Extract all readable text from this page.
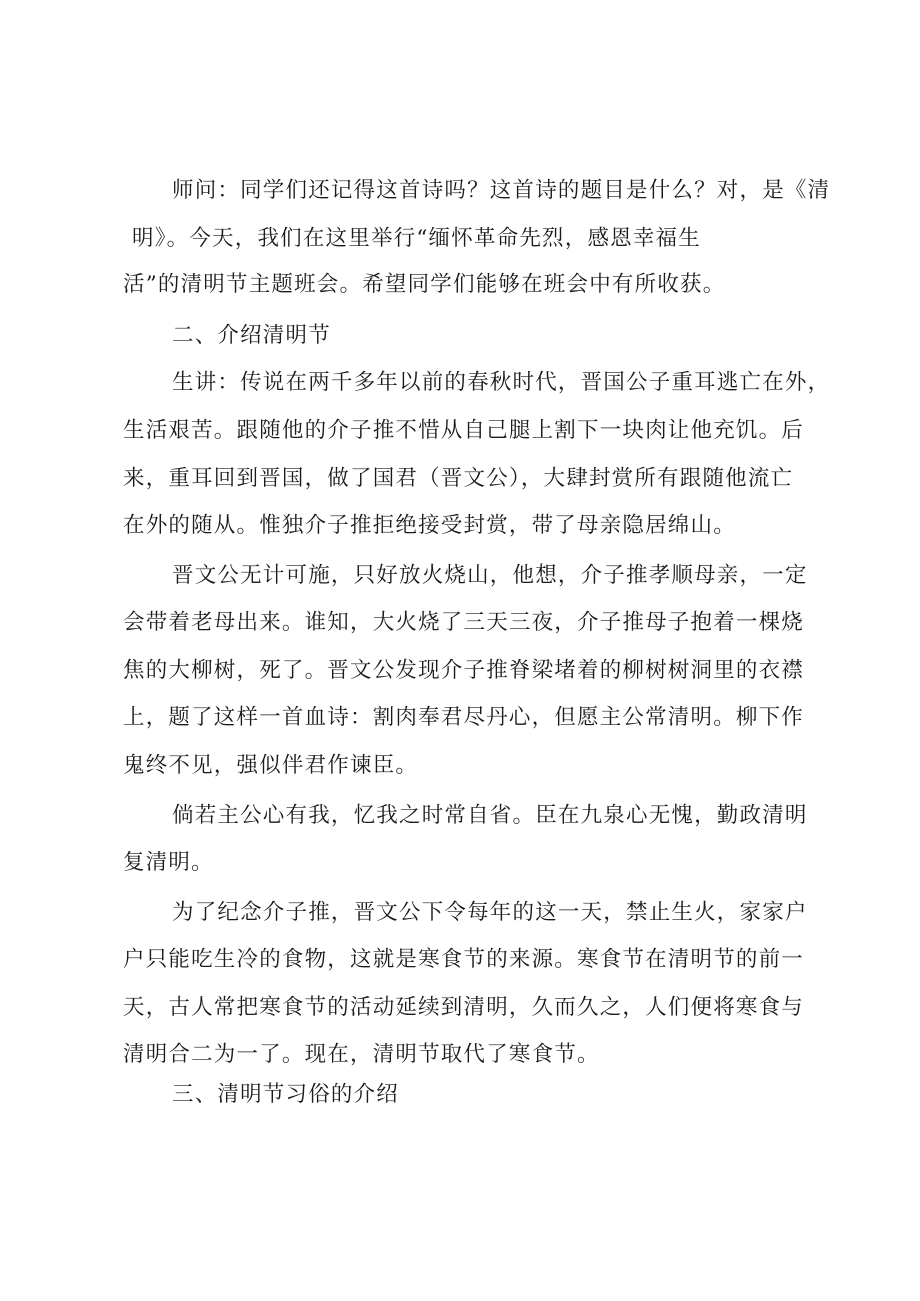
师问：同学们还记得这首诗吗？这首诗的题目是什么？对，是《清
明》。今天，我们在这里举行“缅怀革命先烈，感恩幸福生
活”的清明节主题班会。希望同学们能够在班会中有所收获。
二、介绍清明节
生讲：传说在两千多年以前的春秋时代，晋国公子重耳逃亡在外，
生活艰苦。跟随他的介子推不惜从自己腿上割下一块肉让他充饥。后
来，重耳回到晋国，做了国君（晋文公），大肆封赏所有跟随他流亡
在外的随从。惟独介子推拒绝接受封赏，带了母亲隐居绵山。
晋文公无计可施，只好放火烧山，他想，介子推孝顺母亲，一定
会带着老母出来。谁知，大火烧了三天三夜，介子推母子抱着一棵烧
焦的大柳树，死了。晋文公发现介子推脊梁堵着的柳树树洞里的衣襟
上，题了这样一首血诗：割肉奉君尽丹心，但愿主公常清明。柳下作
鬼终不见，强似伴君作谏臣。
倘若主公心有我，忆我之时常自省。臣在九泉心无愧，勤政清明
复清明。
为了纪念介子推，晋文公下令每年的这一天，禁止生火，家家户
户只能吃生冷的食物，这就是寒食节的来源。寒食节在清明节的前一
天，古人常把寒食节的活动延续到清明，久而久之，人们便将寒食与
清明合二为一了。现在，清明节取代了寒食节。
三、清明节习俗的介绍
